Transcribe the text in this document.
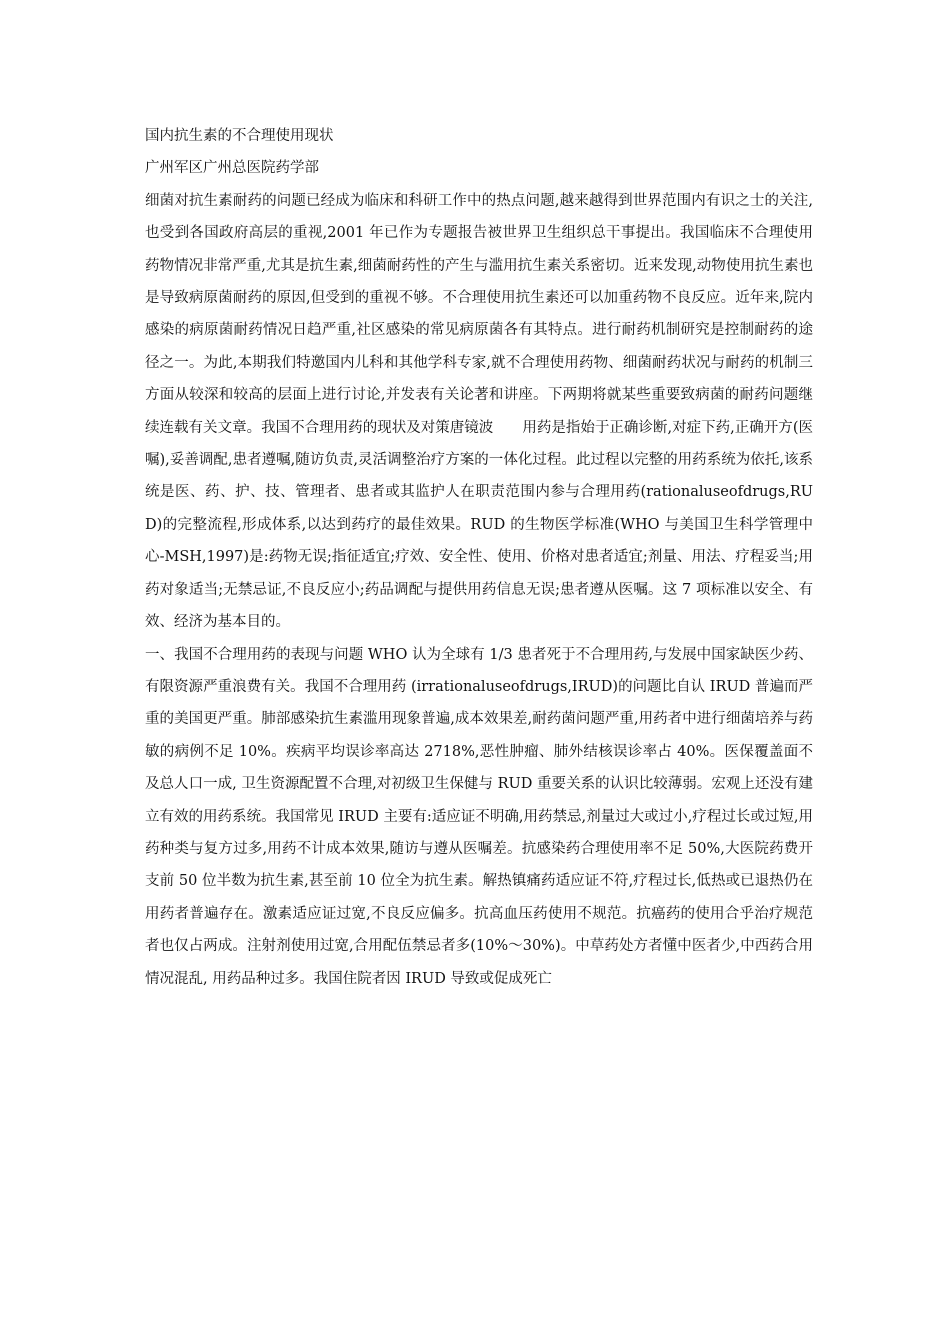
国内抗生素的不合理使用现状

广州军区广州总医院药学部

细菌对抗生素耐药的问题已经成为临床和科研工作中的热点问题,越来越得到世界范围内有识之士的关注,也受到各国政府高层的重视,2001 年已作为专题报告被世界卫生组织总干事提出。我国临床不合理使用药物情况非常严重,尤其是抗生素,细菌耐药性的产生与滥用抗生素关系密切。近来发现,动物使用抗生素也是导致病原菌耐药的原因,但受到的重视不够。不合理使用抗生素还可以加重药物不良反应。近年来,院内感染的病原菌耐药情况日趋严重,社区感染的常见病原菌各有其特点。进行耐药机制研究是控制耐药的途径之一。为此,本期我们特邀国内儿科和其他学科专家,就不合理使用药物、细菌耐药状况与耐药的机制三方面从较深和较高的层面上进行讨论,并发表有关论著和讲座。下两期将就某些重要致病菌的耐药问题继续连载有关文章。我国不合理用药的现状及对策唐镜波　　用药是指始于正确诊断,对症下药,正确开方(医嘱),妥善调配,患者遵嘱,随访负责,灵活调整治疗方案的一体化过程。此过程以完整的用药系统为依托,该系统是医、药、护、技、管理者、患者或其监护人在职责范围内参与合理用药(rationaluseofdrugs,RUD)的完整流程,形成体系,以达到药疗的最佳效果。RUD 的生物医学标准(WHO 与美国卫生科学管理中心-MSH,1997)是:药物无误;指征适宜;疗效、安全性、使用、价格对患者适宜;剂量、用法、疗程妥当;用药对象适当;无禁忌证,不良反应小;药品调配与提供用药信息无误;患者遵从医嘱。这 7 项标准以安全、有效、经济为基本目的。

一、我国不合理用药的表现与问题 WHO 认为全球有 1/3 患者死于不合理用药,与发展中国家缺医少药、有限资源严重浪费有关。我国不合理用药 (irrationaluseofdrugs,IRUD)的问题比自认 IRUD 普遍而严重的美国更严重。肺部感染抗生素滥用现象普遍,成本效果差,耐药菌问题严重,用药者中进行细菌培养与药敏的病例不足 10%。疾病平均误诊率高达 2718%,恶性肿瘤、肺外结核误诊率占 40%。医保覆盖面不及总人口一成, 卫生资源配置不合理,对初级卫生保健与 RUD 重要关系的认识比较薄弱。宏观上还没有建立有效的用药系统。我国常见 IRUD 主要有:适应证不明确,用药禁忌,剂量过大或过小,疗程过长或过短,用药种类与复方过多,用药不计成本效果,随访与遵从医嘱差。抗感染药合理使用率不足 50%,大医院药费开支前 50 位半数为抗生素,甚至前 10 位全为抗生素。解热镇痛药适应证不符,疗程过长,低热或已退热仍在用药者普遍存在。激素适应证过宽,不良反应偏多。抗高血压药使用不规范。抗癌药的使用合乎治疗规范者也仅占两成。注射剂使用过宽,合用配伍禁忌者多(10%～30%)。中草药处方者懂中医者少,中西药合用情况混乱, 用药品种过多。我国住院者因 IRUD 导致或促成死亡
